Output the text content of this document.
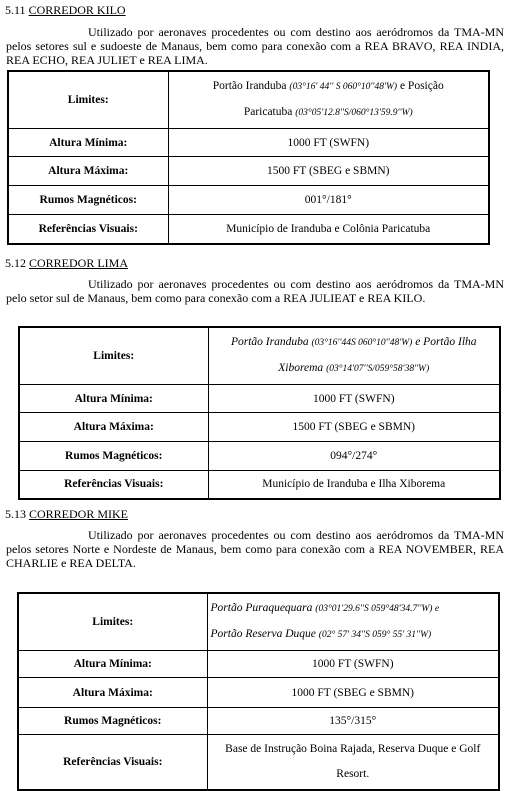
5.11 CORREDOR KILO
Utilizado por aeronaves procedentes ou com destino aos aeródromos da TMA-MN pelos setores sul e sudoeste de Manaus, bem como para conexão com a REA BRAVO, REA INDIA, REA ECHO, REA JULIET e REA LIMA.
Limites:	Portão Iranduba (03°16' 44'' S 060°10''48'W) e Posição
Paricatuba (03°05'12.8''S/060°13'59.9''W)
Altura Mínima:	1000 FT (SWFN)
Altura Máxima:	1500 FT (SBEG e SBMN)
Rumos Magnéticos:	001°/181°
Referências Visuais:	Município de Iranduba e Colônia Paricatuba
5.12 CORREDOR LIMA
Utilizado por aeronaves procedentes ou com destino aos aeródromos da TMA-MN pelo setor sul de Manaus, bem como para conexão com a REA JULIEAT e REA KILO.
Limites:	Portão Iranduba (03°16''44S 060°10''48'W) e Portão Ilha
Xiborema (03°14'07''S/059°58'38''W)
Altura Mínima:	1000 FT (SWFN)
Altura Máxima:	1500 FT (SBEG e SBMN)
Rumos Magnéticos:	094°/274°
Referências Visuais:	Município de Iranduba e Ilha Xiborema
5.13 CORREDOR MIKE
Utilizado por aeronaves procedentes ou com destino aos aeródromos da TMA-MN pelos setores Norte e Nordeste de Manaus, bem como para conexão com a REA NOVEMBER, REA CHARLIE e REA DELTA.
Limites:	Portão Puraquequara (03°01'29.6''S 059°48'34.7''W) e
Portão Reserva Duque (02° 57' 34''S 059° 55' 31''W)
Altura Mínima:	1000 FT (SWFN)
Altura Máxima:	1000 FT (SBEG e SBMN)
Rumos Magnéticos:	135°/315°
Referências Visuais:	Base de Instrução Boina Rajada, Reserva Duque e Golf Resort.
